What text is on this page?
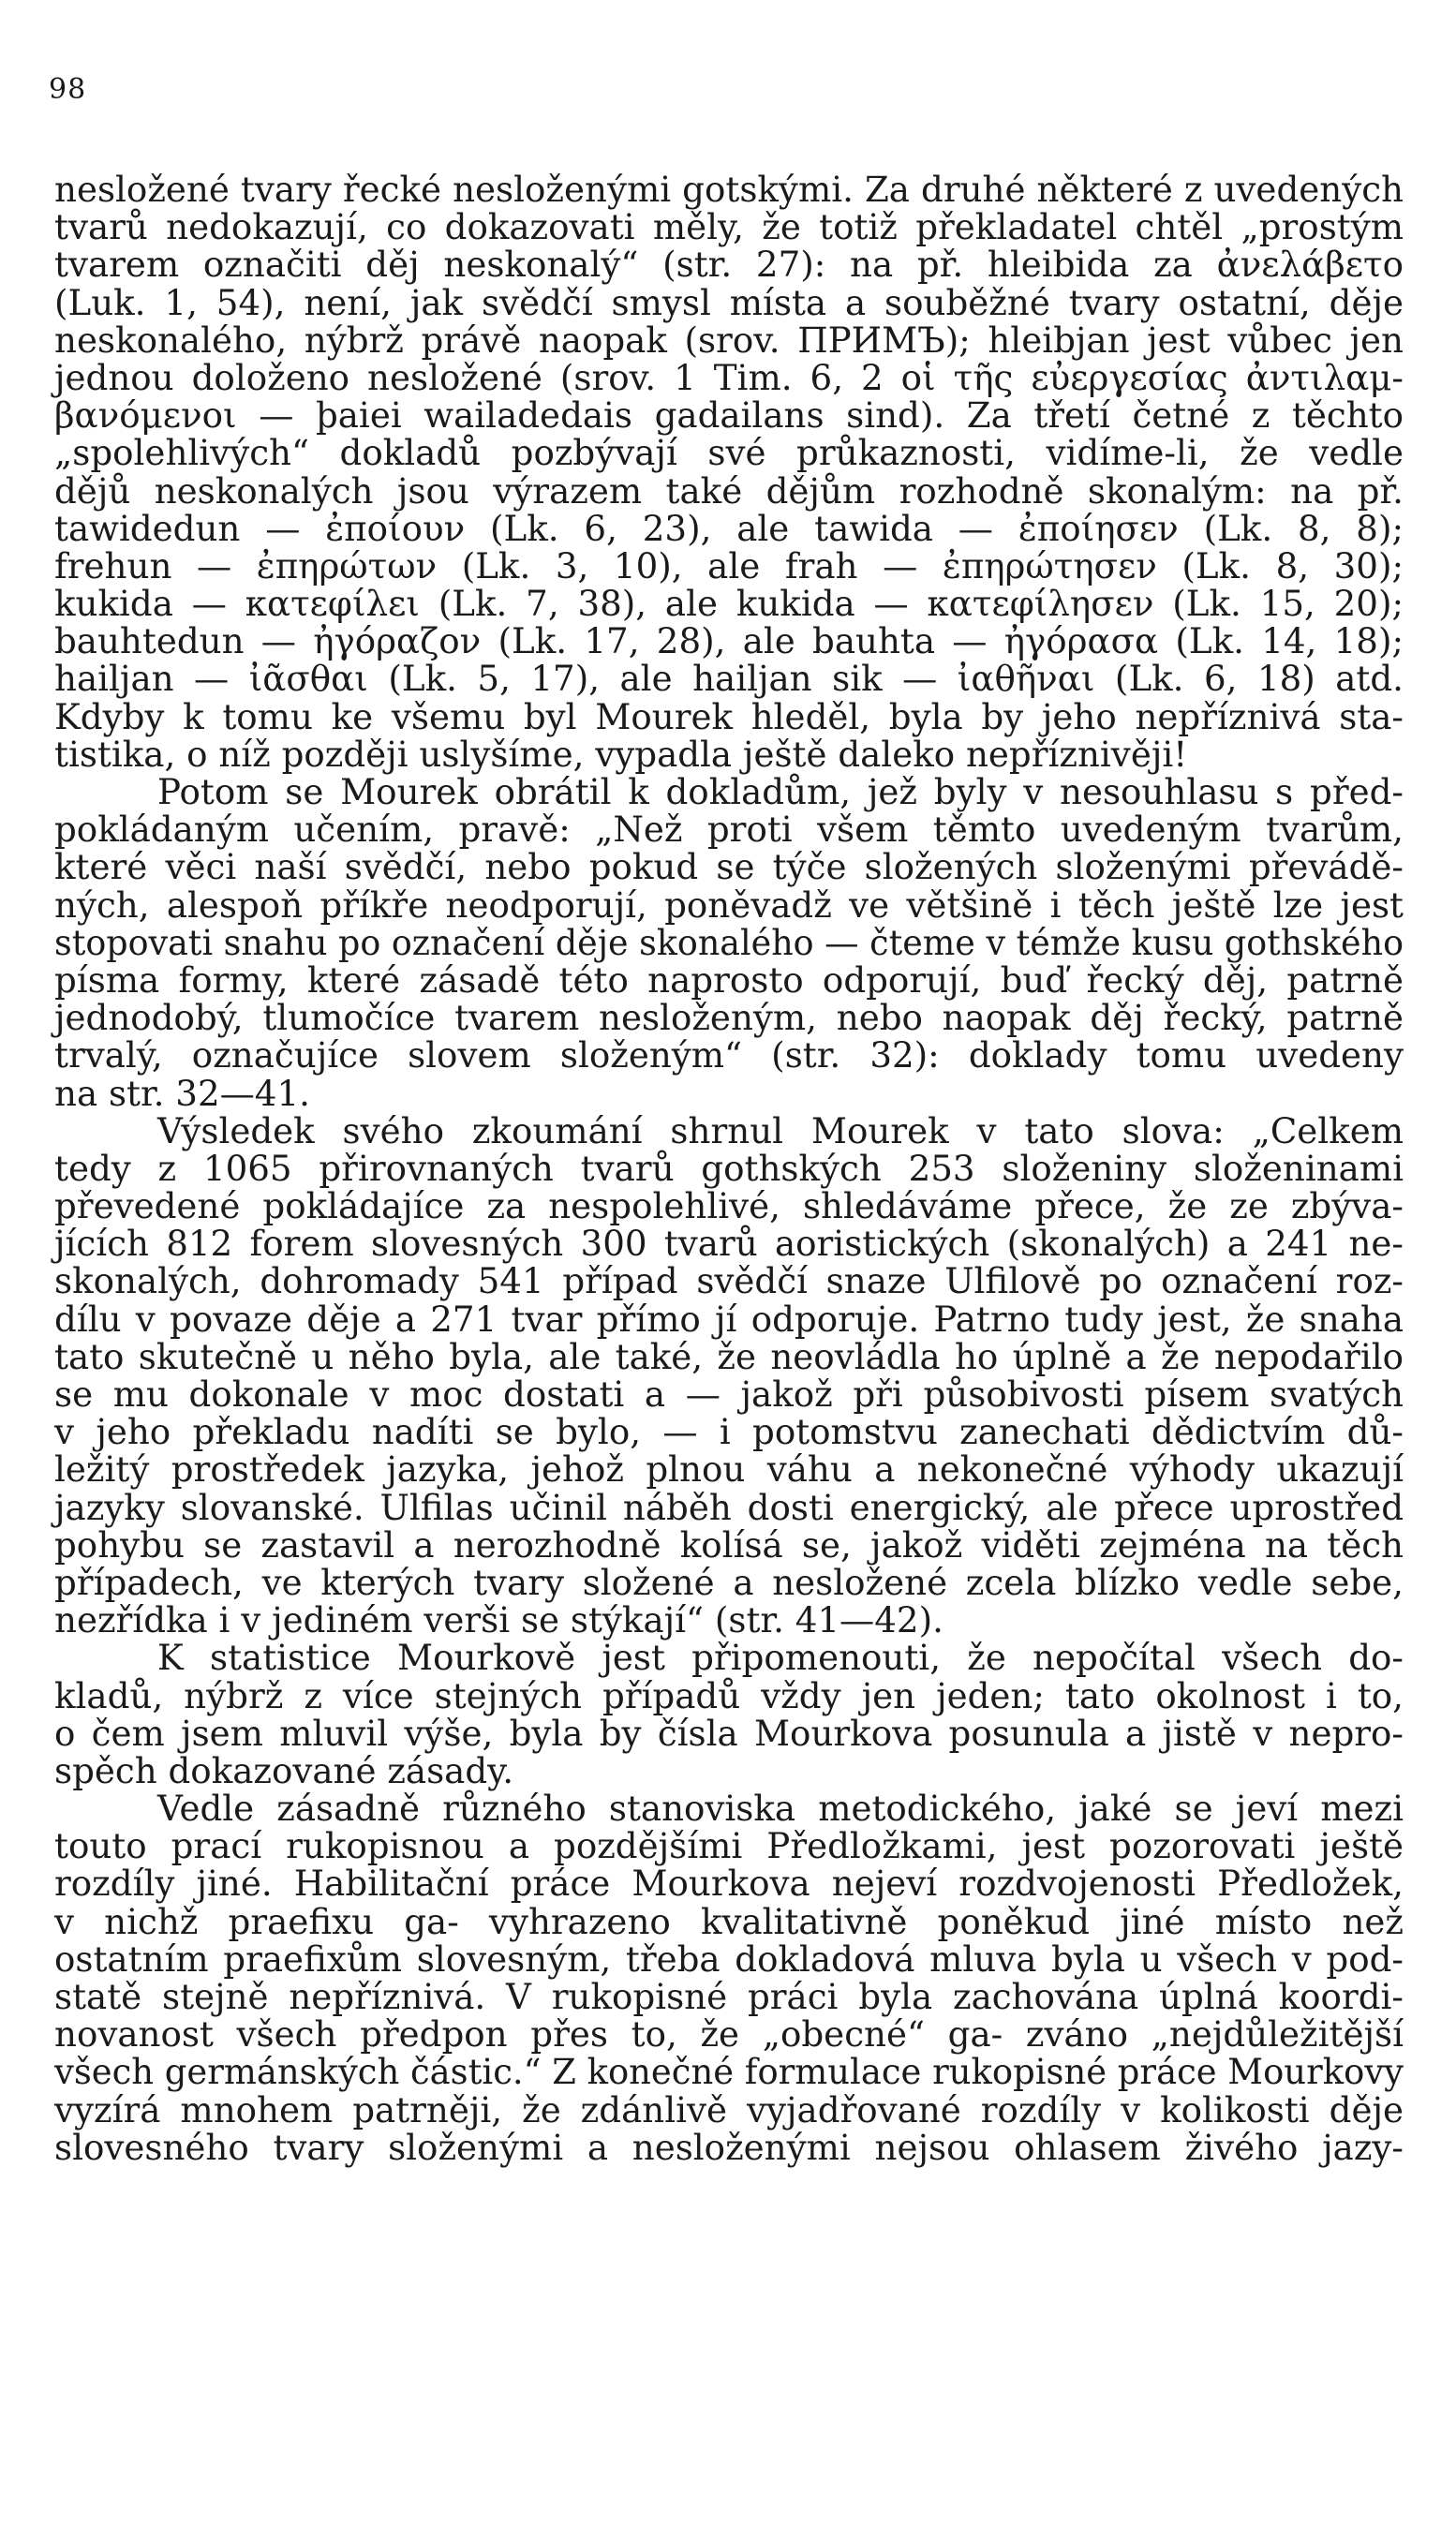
98
nesložené tvary řecké nesloženými gotskými. Za druhé některé z uvedených
tvarů nedokazují, co dokazovati měly, že totiž překladatel chtěl „prostým
tvarem označiti děj neskonalý“ (str. 27): na př. hleibida za ἀνελάβετο
(Luk. 1, 54), není, jak svědčí smysl místa a souběžné tvary ostatní, děje
neskonalého, nýbrž právě naopak (srov. ПРИМЪ); hleibjan jest vůbec jen
jednou doloženo nesložené (srov. 1 Tim. 6, 2 οἱ τῆς εὐεργεσίας ἀντιλαμ-
βανόμενοι — þaiei wailadedais gadailans sind). Za třetí četné z těchto
„spolehlivých“ dokladů pozbývají své průkaznosti, vidíme-li, že vedle
dějů neskonalých jsou výrazem také dějům rozhodně skonalým: na př.
tawidedun — ἐποίουν (Lk. 6, 23), ale tawida — ἐποίησεν (Lk. 8, 8);
frehun — ἐπηρώτων (Lk. 3, 10), ale frah — ἐπηρώτησεν (Lk. 8, 30);
kukida — κατεφίλει (Lk. 7, 38), ale kukida — κατεφίλησεν (Lk. 15, 20);
bauhtedun — ἠγόραζον (Lk. 17, 28), ale bauhta — ἠγόρασα (Lk. 14, 18);
hailjan — ἰᾶσθαι (Lk. 5, 17), ale hailjan sik — ἰαθῆναι (Lk. 6, 18) atd.
Kdyby k tomu ke všemu byl Mourek hleděl, byla by jeho nepříznivá sta-
tistika, o níž později uslyšíme, vypadla ještě daleko nepříznivěji!
Potom se Mourek obrátil k dokladům, jež byly v nesouhlasu s před-
pokládaným učením, pravě: „Než proti všem těmto uvedeným tvarům,
které věci naší svědčí, nebo pokud se týče složených složenými převádě-
ných, alespoň příkře neodporují, poněvadž ve většině i těch ještě lze jest
stopovati snahu po označení děje skonalého — čteme v témže kusu gothského
písma formy, které zásadě této naprosto odporují, buď řecký děj, patrně
jednodobý, tlumočíce tvarem nesloženým, nebo naopak děj řecký, patrně
trvalý, označujíce slovem složeným“ (str. 32): doklady tomu uvedeny
na str. 32—41.
Výsledek svého zkoumání shrnul Mourek v tato slova: „Celkem
tedy z 1065 přirovnaných tvarů gothských 253 složeniny složeninami
převedené pokládajíce za nespolehlivé, shledáváme přece, že ze zbýva-
jících 812 forem slovesných 300 tvarů aoristických (skonalých) a 241 ne-
skonalých, dohromady 541 případ svědčí snaze Ulfilově po označení roz-
dílu v povaze děje a 271 tvar přímo jí odporuje. Patrno tudy jest, že snaha
tato skutečně u něho byla, ale také, že neovládla ho úplně a že nepodařilo
se mu dokonale v moc dostati a — jakož při působivosti písem svatých
v jeho překladu nadíti se bylo, — i potomstvu zanechati dědictvím dů-
ležitý prostředek jazyka, jehož plnou váhu a nekonečné výhody ukazují
jazyky slovanské. Ulfilas učinil náběh dosti energický, ale přece uprostřed
pohybu se zastavil a nerozhodně kolísá se, jakož viděti zejména na těch
případech, ve kterých tvary složené a nesložené zcela blízko vedle sebe,
nezřídka i v jediném verši se stýkají“ (str. 41—42).
K statistice Mourkově jest připomenouti, že nepočítal všech do-
kladů, nýbrž z více stejných případů vždy jen jeden; tato okolnost i to,
o čem jsem mluvil výše, byla by čísla Mourkova posunula a jistě v nepro-
spěch dokazované zásady.
Vedle zásadně různého stanoviska metodického, jaké se jeví mezi
touto prací rukopisnou a pozdějšími Předložkami, jest pozorovati ještě
rozdíly jiné. Habilitační práce Mourkova nejeví rozdvojenosti Předložek,
v nichž praefixu ga- vyhrazeno kvalitativně poněkud jiné místo než
ostatním praefixům slovesným, třeba dokladová mluva byla u všech v pod-
statě stejně nepříznivá. V rukopisné práci byla zachována úplná koordi-
novanost všech předpon přes to, že „obecné“ ga- zváno „nejdůležitější
všech germánských částic.“ Z konečné formulace rukopisné práce Mourkovy
vyzírá mnohem patrněji, že zdánlivě vyjadřované rozdíly v kolikosti děje
slovesného tvary složenými a nesloženými nejsou ohlasem živého jazy-
